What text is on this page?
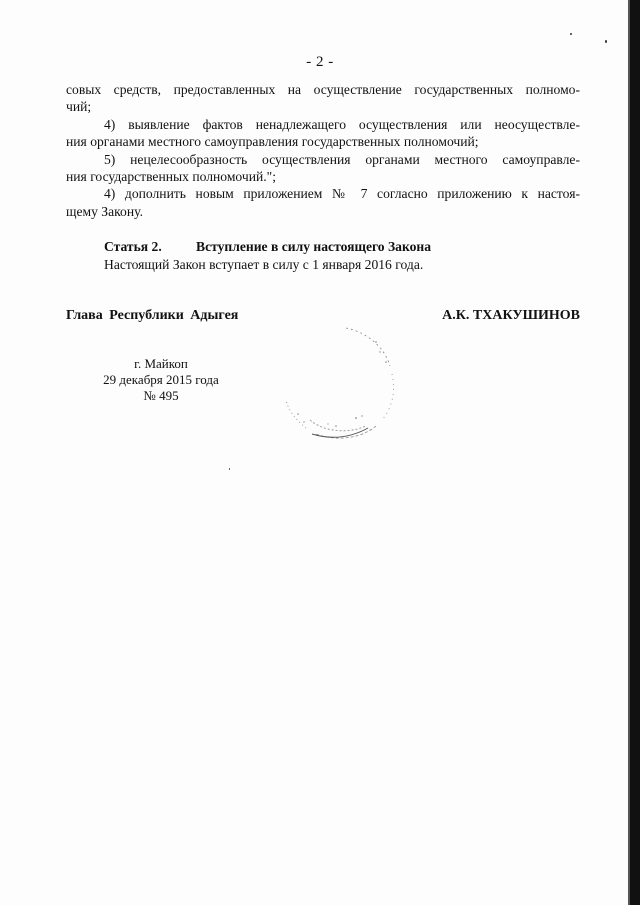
- 2 -
совых средств, предоставленных на осуществление государственных полномо-
чий;
4) выявление фактов ненадлежащего осуществления или неосуществле-
ния органами местного самоуправления государственных полномочий;
5) нецелесообразность осуществления органами местного самоуправле-
ния государственных полномочий.";
4) дополнить новым приложением № 7 согласно приложению к настоя-
щему Закону.
Статья 2.	Вступление в силу настоящего Закона
Настоящий Закон вступает в силу с 1 января 2016 года.
Глава Республики Адыгея	А.К. ТХАКУШИНОВ
г. Майкоп
29 декабря 2015 года
№ 495
